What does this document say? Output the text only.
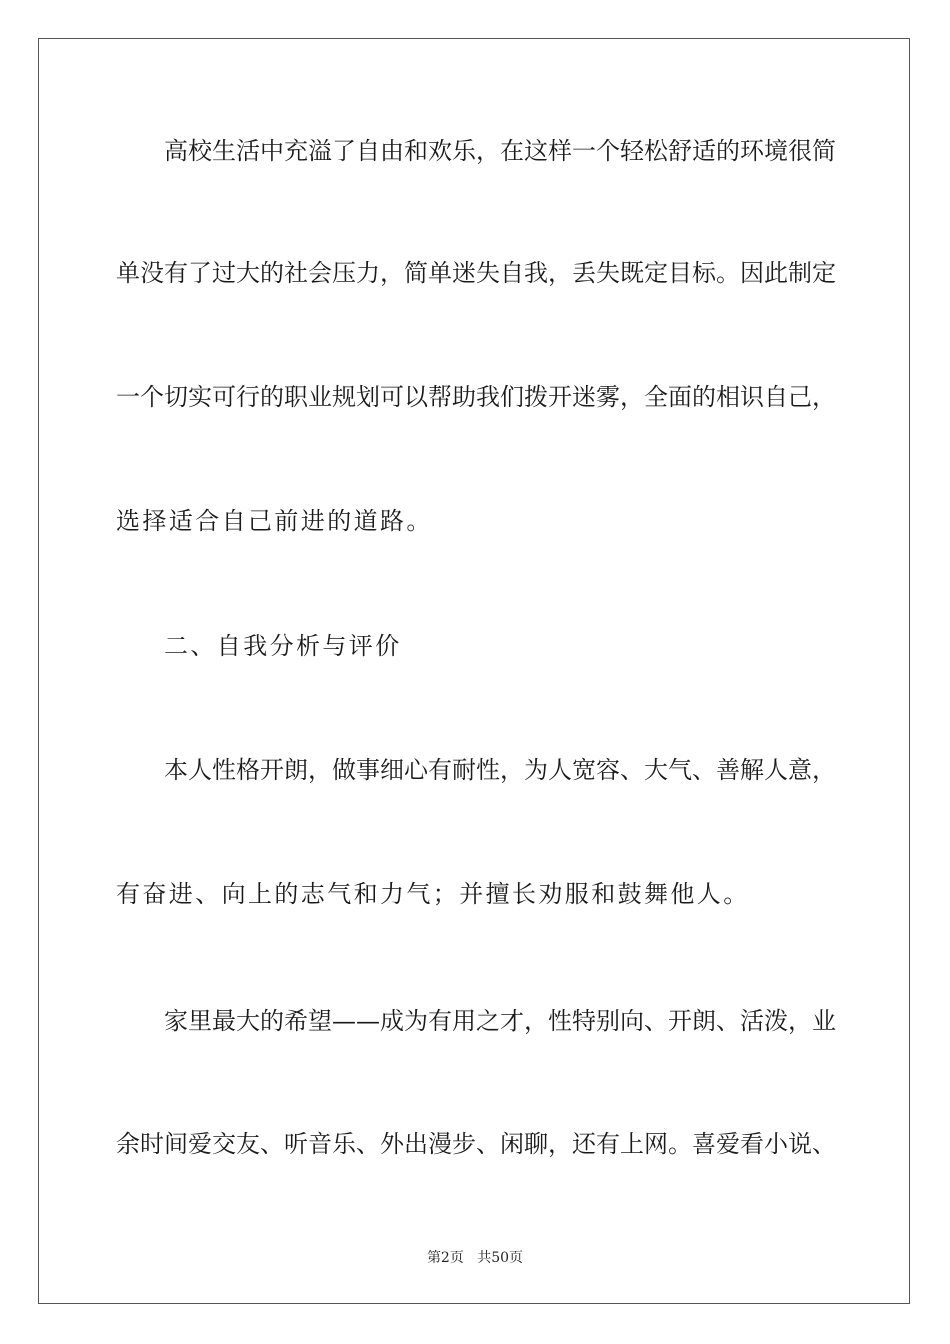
高校生活中充溢了自由和欢乐，在这样一个轻松舒适的环境很简
单没有了过大的社会压力，简单迷失自我，丢失既定目标。因此制定
一个切实可行的职业规划可以帮助我们拨开迷雾，全面的相识自己，
选择适合自己前进的道路。
二、自我分析与评价
本人性格开朗，做事细心有耐性，为人宽容、大气、善解人意，
有奋进、向上的志气和力气；并擅长劝服和鼓舞他人。
家里最大的希望——成为有用之才，性特别向、开朗、活泼，业
余时间爱交友、听音乐、外出漫步、闲聊，还有上网。喜爱看小说、
第2页 共50页
